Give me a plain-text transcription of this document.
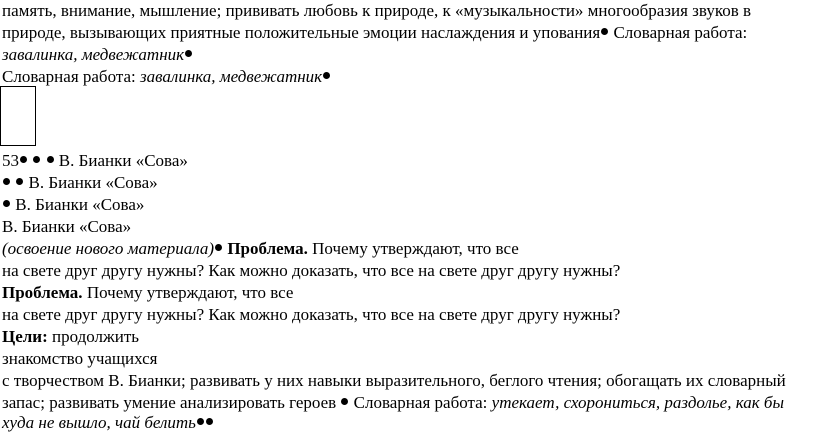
память, внимание, мышление; прививать любовь к природе, к «музыкальности» многообразия звуков в
природе, вызывающих приятные положительные эмоции наслаждения и упования Словарная работа:
завалинка, медвежатник
Словарная работа: завалинка, медвежатник
53   В. Бианки «Сова»
В. Бианки «Сова»
В. Бианки «Сова»
В. Бианки «Сова»
(освоение нового материала) Проблема. Почему утверждают, что все
на свете друг другу нужны? Как можно доказать, что все на свете друг другу нужны?
Проблема. Почему утверждают, что все
на свете друг другу нужны? Как можно доказать, что все на свете друг другу нужны?
Цели: продолжить
знакомство учащихся
с творчеством В. Бианки; развивать у них навыки выразительного, беглого чтения; обогащать их словарный
запас; развивать умение анализировать героев  Словарная работа: утекает, схорониться, раздолье, как бы
худа не вышло, чай белить
